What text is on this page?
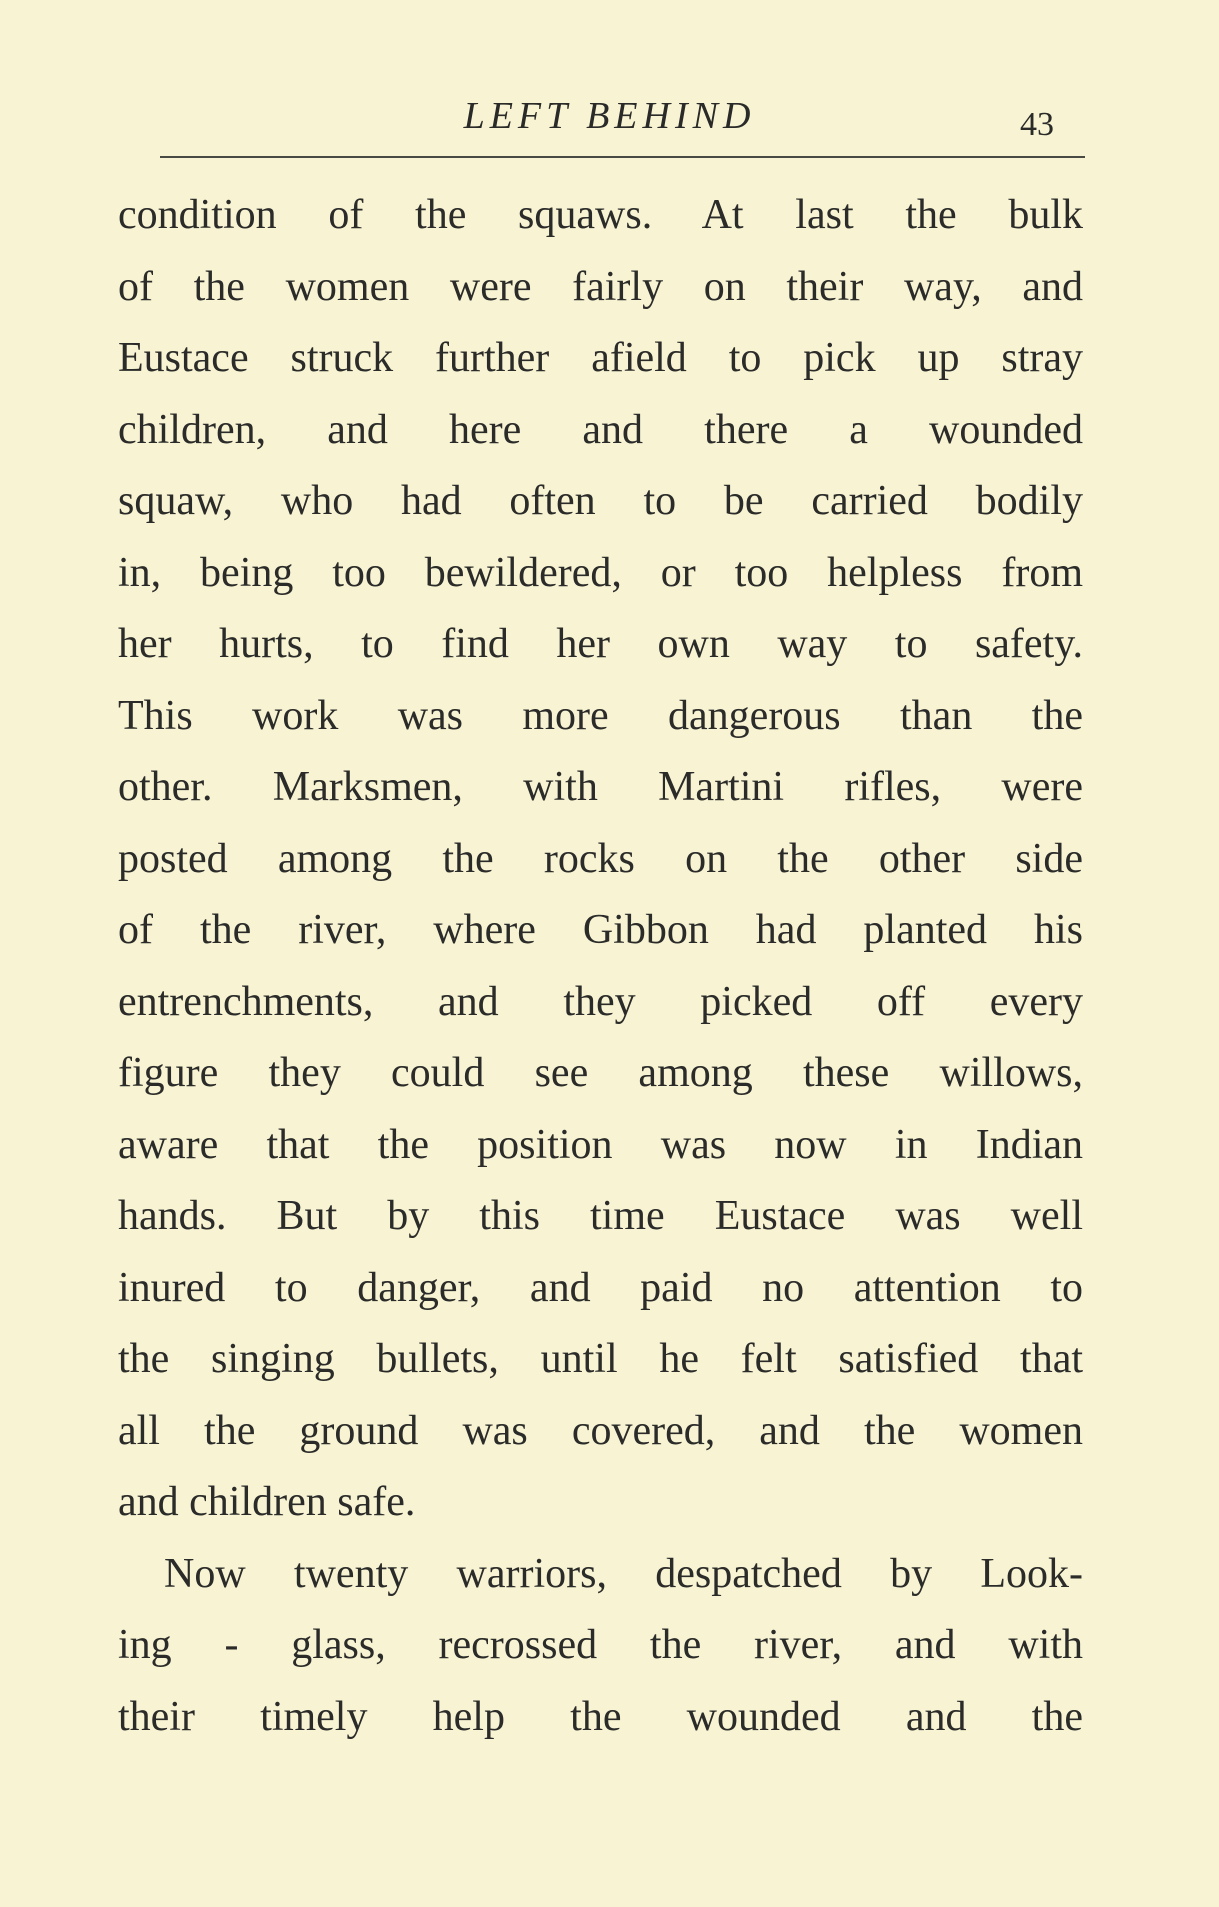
LEFT BEHIND	43
condition of the squaws. At last the bulk
of the women were fairly on their way, and
Eustace struck further afield to pick up stray
children, and here and there a wounded
squaw, who had often to be carried bodily
in, being too bewildered, or too helpless from
her hurts, to find her own way to safety.
This work was more dangerous than the
other. Marksmen, with Martini rifles, were
posted among the rocks on the other side
of the river, where Gibbon had planted his
entrenchments, and they picked off every
figure they could see among these willows,
aware that the position was now in Indian
hands. But by this time Eustace was well
inured to danger, and paid no attention to
the singing bullets, until he felt satisfied that
all the ground was covered, and the women
and children safe.
Now twenty warriors, despatched by Look-
ing - glass, recrossed the river, and with
their timely help the wounded and the
